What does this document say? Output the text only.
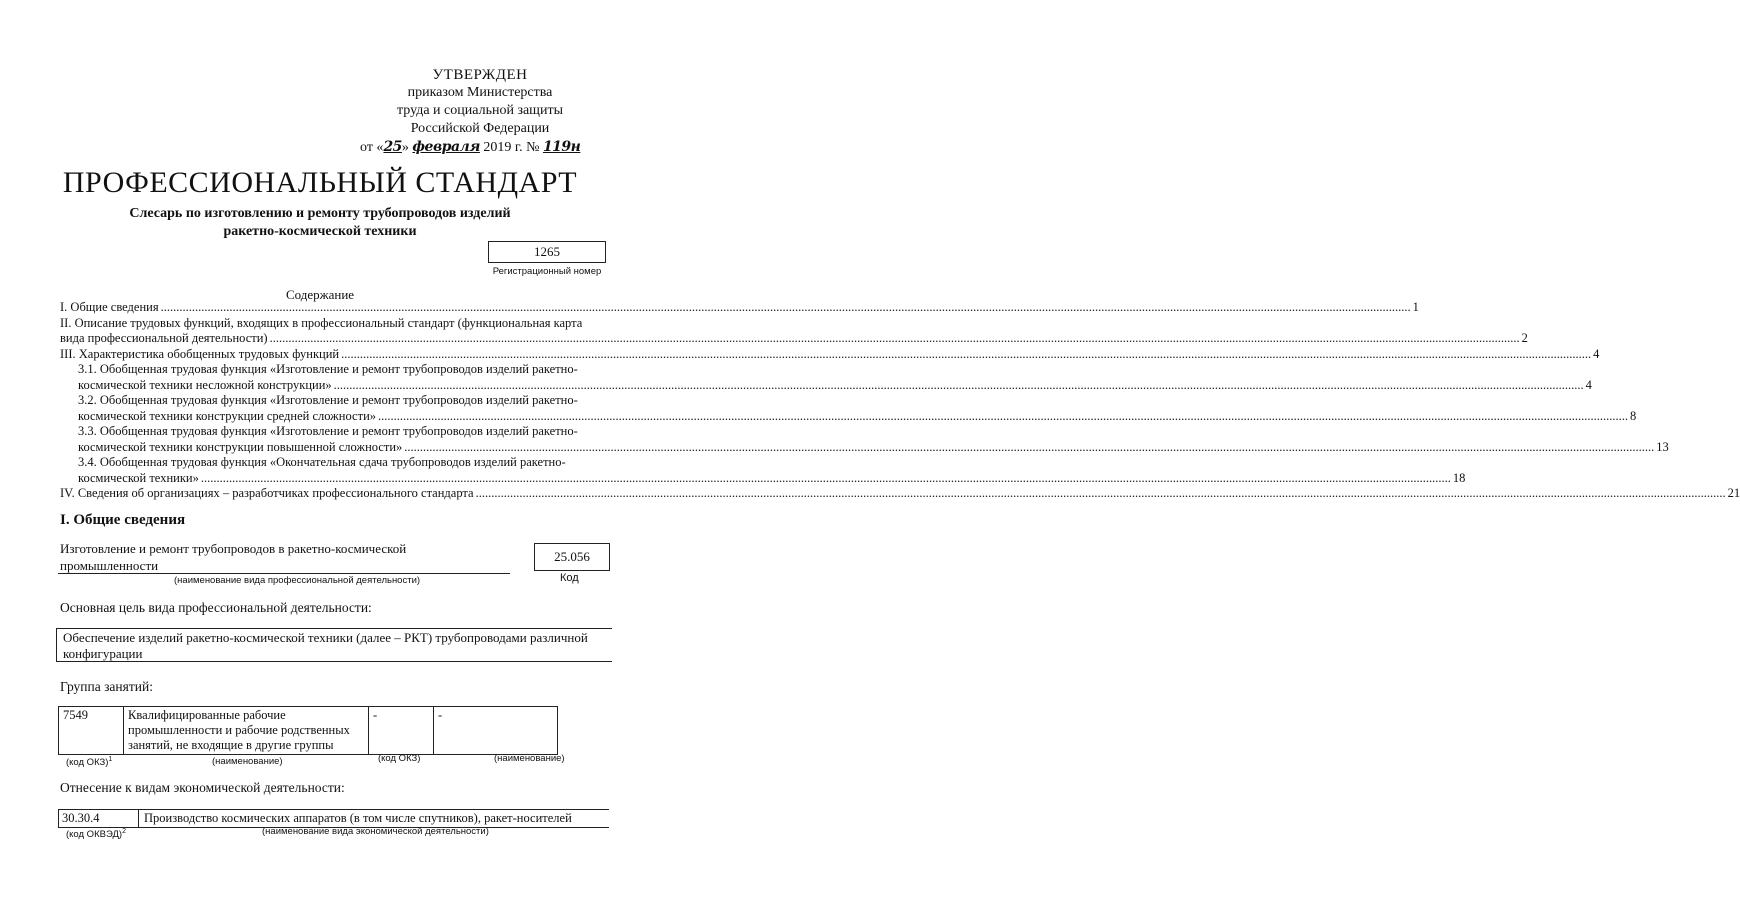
УТВЕРЖДЕН
приказом Министерства
труда и социальной защиты
Российской Федерации
от «25» февраля 2019 г. № 119н
ПРОФЕССИОНАЛЬНЫЙ СТАНДАРТ
Слесарь по изготовлению и ремонту трубопроводов изделий
ракетно-космической техники
1265
Регистрационный номер
Содержание
I. Общие сведения ................................................................................................................................................................................................................................................................................................................................................................................................................ 1
II. Описание трудовых функций, входящих в профессиональный стандарт (функциональная карта
вида профессиональной деятельности) ................................................................................................................................................................................................................................................................................................................................................................................................................ 2
III. Характеристика обобщенных трудовых функций ................................................................................................................................................................................................................................................................................................................................................................................................................ 4
3.1. Обобщенная трудовая функция «Изготовление и ремонт трубопроводов изделий ракетно-
космической техники несложной конструкции» ................................................................................................................................................................................................................................................................................................................................................................................................................ 4
3.2. Обобщенная трудовая функция «Изготовление и ремонт трубопроводов изделий ракетно-
космической техники конструкции средней сложности» ................................................................................................................................................................................................................................................................................................................................................................................................................ 8
3.3. Обобщенная трудовая функция «Изготовление и ремонт трубопроводов изделий ракетно-
космической техники конструкции повышенной сложности» ................................................................................................................................................................................................................................................................................................................................................................................................................ 13
3.4. Обобщенная трудовая функция «Окончательная сдача трубопроводов изделий ракетно-
космической техники» ................................................................................................................................................................................................................................................................................................................................................................................................................ 18
IV. Сведения об организациях – разработчиках профессионального стандарта ................................................................................................................................................................................................................................................................................................................................................................................................................ 21
I. Общие сведения
Изготовление и ремонт трубопроводов в ракетно-космической
промышленности
(наименование вида профессиональной деятельности)
25.056
Код
Основная цель вида профессиональной деятельности:
Обеспечение изделий ракетно-космической техники (далее – РКТ) трубопроводами различной
конфигурации
Группа занятий:
7549	Квалифицированные рабочие
промышленности и рабочие родственных
занятий, не входящие в другие группы
	-	-
(код ОКЗ)$^1$	(наименование)	(код ОКЗ)	(наименование)
Отнесение к видам экономической деятельности:
30.30.4	Производство космических аппаратов (в том числе спутников), ракет-носителей
(код ОКВЭД)$^2$	(наименование вида экономической деятельности)
